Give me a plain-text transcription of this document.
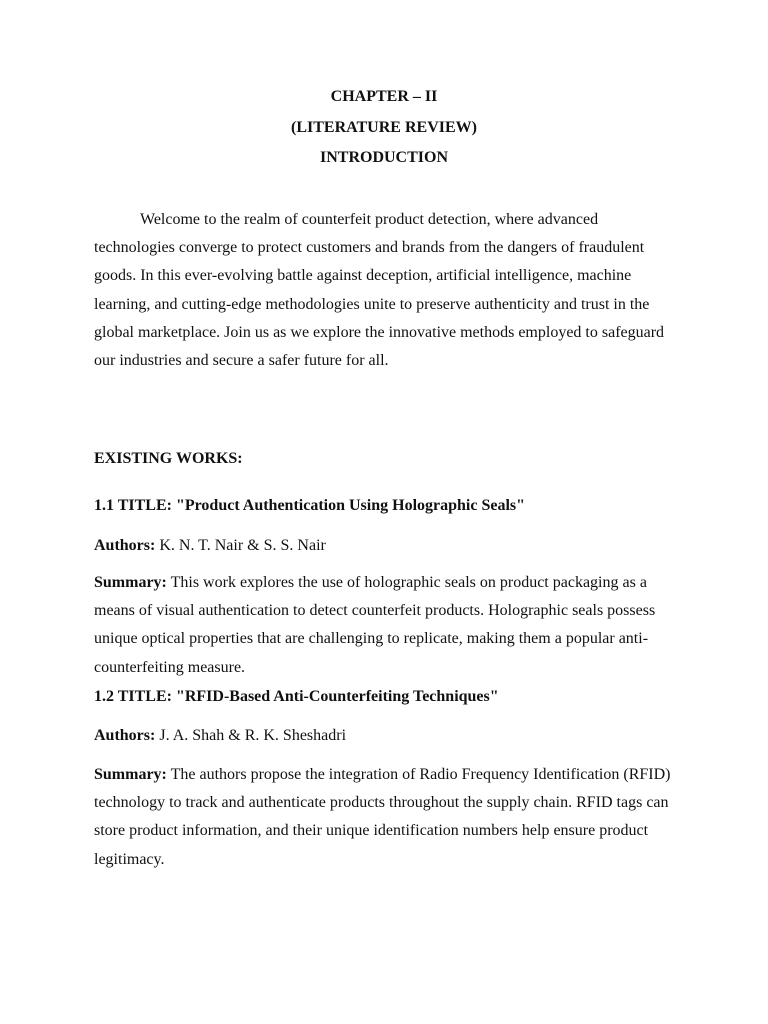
CHAPTER – II
(LITERATURE REVIEW)
INTRODUCTION

Welcome to the realm of counterfeit product detection, where advanced technologies converge to protect customers and brands from the dangers of fraudulent goods. In this ever-evolving battle against deception, artificial intelligence, machine learning, and cutting-edge methodologies unite to preserve authenticity and trust in the global marketplace. Join us as we explore the innovative methods employed to safeguard our industries and secure a safer future for all.

EXISTING WORKS:
1.1 TITLE: "Product Authentication Using Holographic Seals"

Authors: K. N. T. Nair & S. S. Nair

Summary: This work explores the use of holographic seals on product packaging as a means of visual authentication to detect counterfeit products. Holographic seals possess unique optical properties that are challenging to replicate, making them a popular anti-counterfeiting measure.

1.2 TITLE: "RFID-Based Anti-Counterfeiting Techniques"

Authors: J. A. Shah & R. K. Sheshadri

Summary: The authors propose the integration of Radio Frequency Identification (RFID) technology to track and authenticate products throughout the supply chain. RFID tags can store product information, and their unique identification numbers help ensure product legitimacy.
